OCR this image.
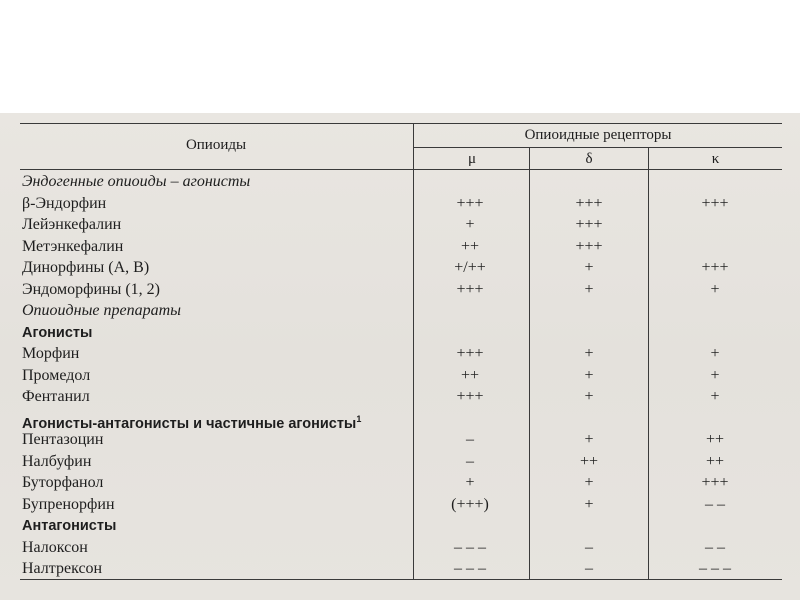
Опиоиды
Опиоидные рецепторы
μ	δ	κ
Эндогенные опиоиды – агонисты
β-Эндорфин	+++	+++	+++
Лейэнкефалин	+	+++
Метэнкефалин	++	+++
Динорфины (A, B)	+/++	+	+++
Эндоморфины (1, 2)	+++	+	+
Опиоидные препараты
Агонисты
Морфин	+++	+	+
Промедол	++	+	+
Фентанил	+++	+	+
Агонисты-антагонисты и частичные агонисты$^1$
Пентазоцин	–	+	++
Налбуфин	–	++	++
Буторфанол	+	+	+++
Бупренорфин	(+++)	+	– –
Антагонисты
Налоксон	– – –	–	– –
Налтрексон	– – –	–	– – –
